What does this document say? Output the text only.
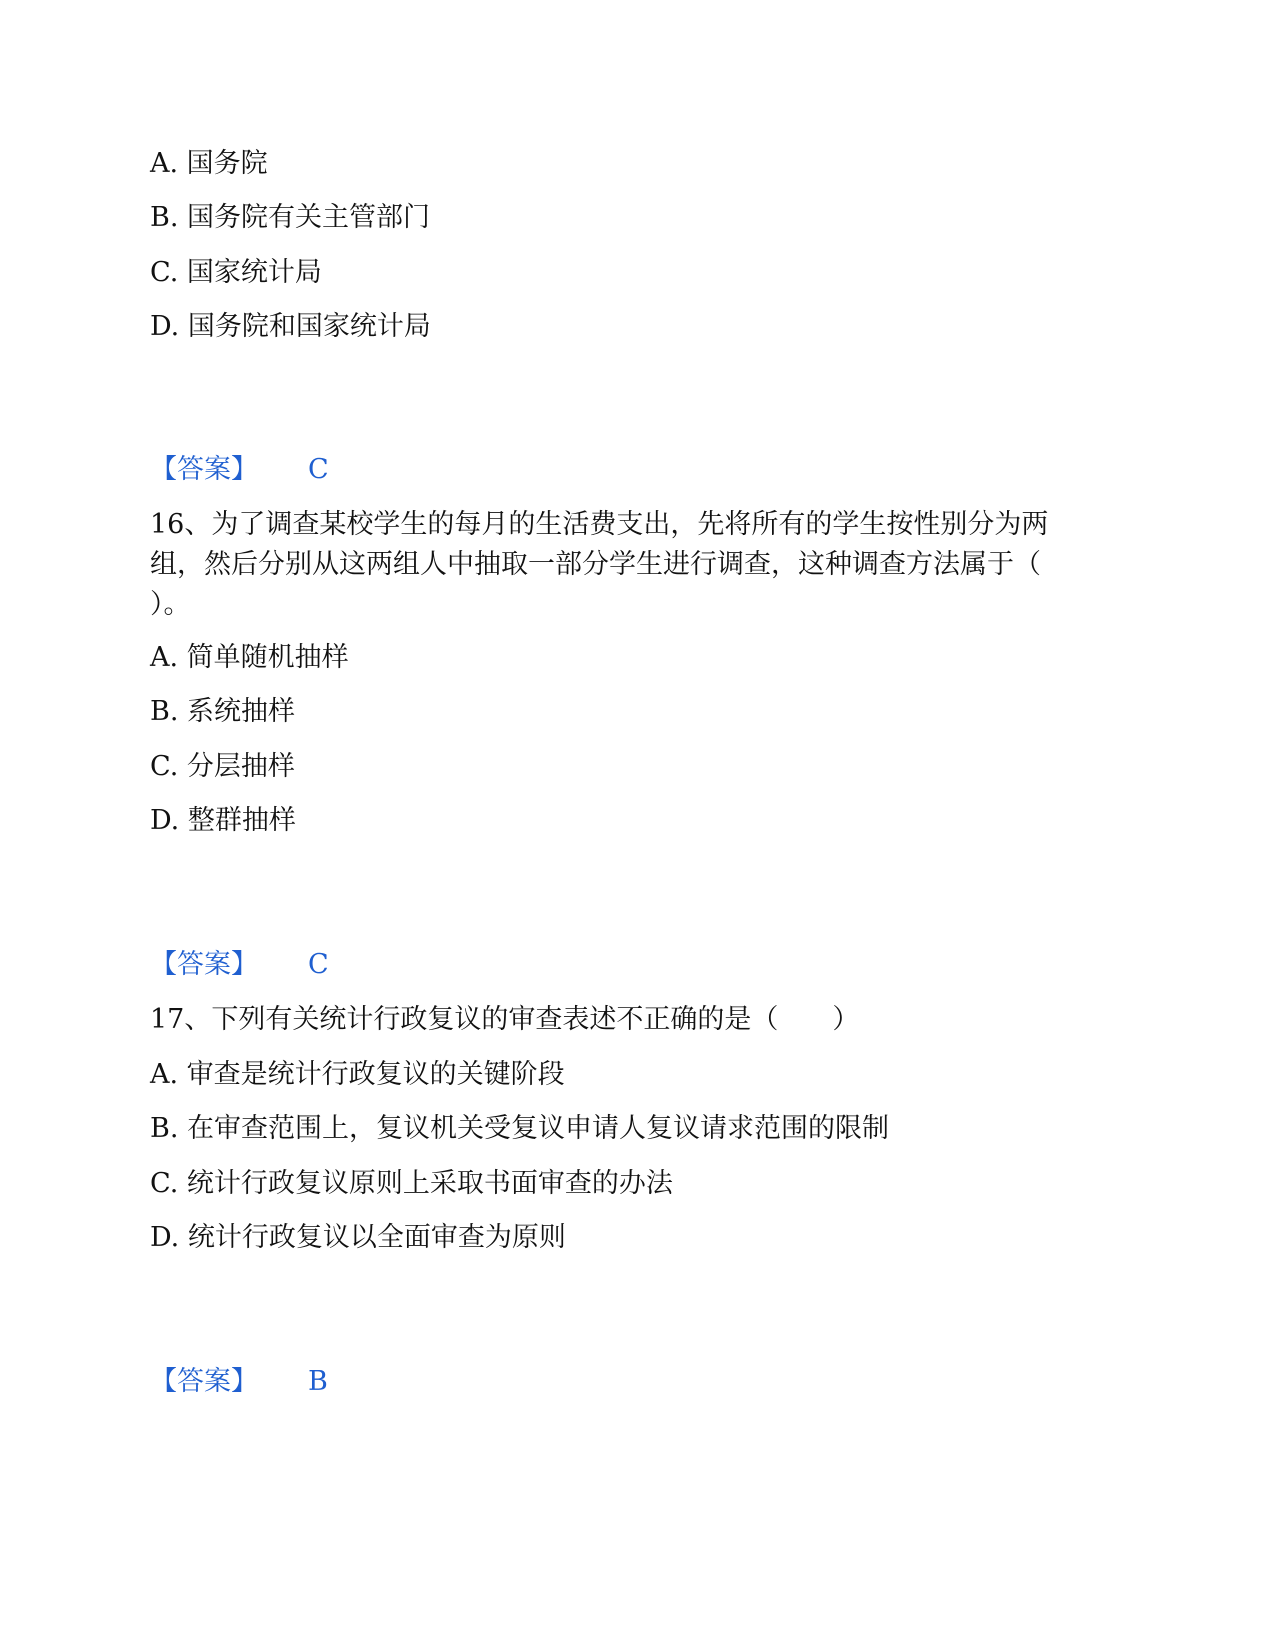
A. 国务院
B. 国务院有关主管部门
C. 国家统计局
D. 国务院和国家统计局
【答案】 C
16、为了调查某校学生的每月的生活费支出，先将所有的学生按性别分为两
组，然后分别从这两组人中抽取一部分学生进行调查，这种调查方法属于（
）。
A. 简单随机抽样
B. 系统抽样
C. 分层抽样
D. 整群抽样
【答案】 C
17、下列有关统计行政复议的审查表述不正确的是（　　）
A. 审查是统计行政复议的关键阶段
B. 在审查范围上，复议机关受复议申请人复议请求范围的限制
C. 统计行政复议原则上采取书面审查的办法
D. 统计行政复议以全面审查为原则
【答案】 B
